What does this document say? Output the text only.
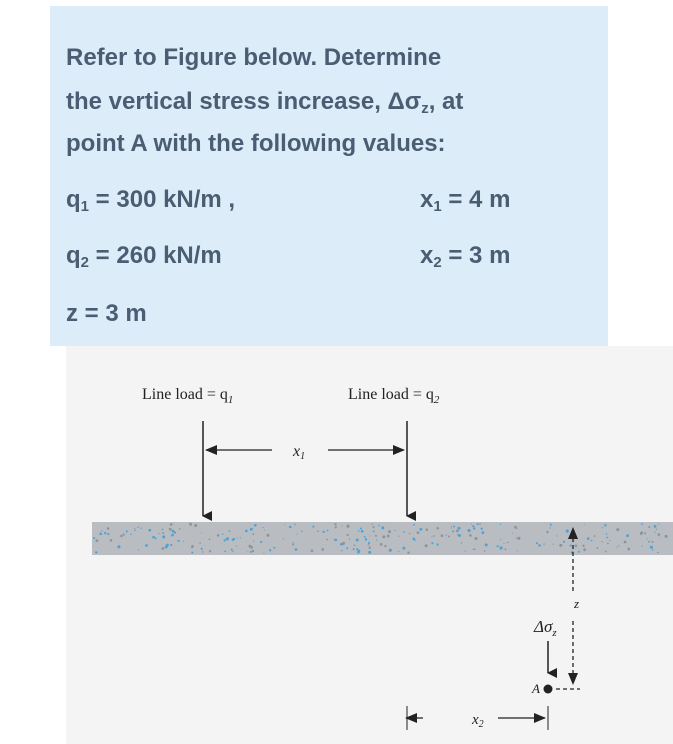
Refer to Figure below. Determine
the vertical stress increase, $\Delta\sigma_z$, at
point A with the following values:
$q_1 = 300$ kN/m ,	$x_1 = 4$ m
$q_2 = 260$ kN/m	$x_2 = 3$ m
z = 3 m
Line load = $q_1$	Line load = $q_2$
x1
z
$\Delta\sigma_z$
A
$x_2$
